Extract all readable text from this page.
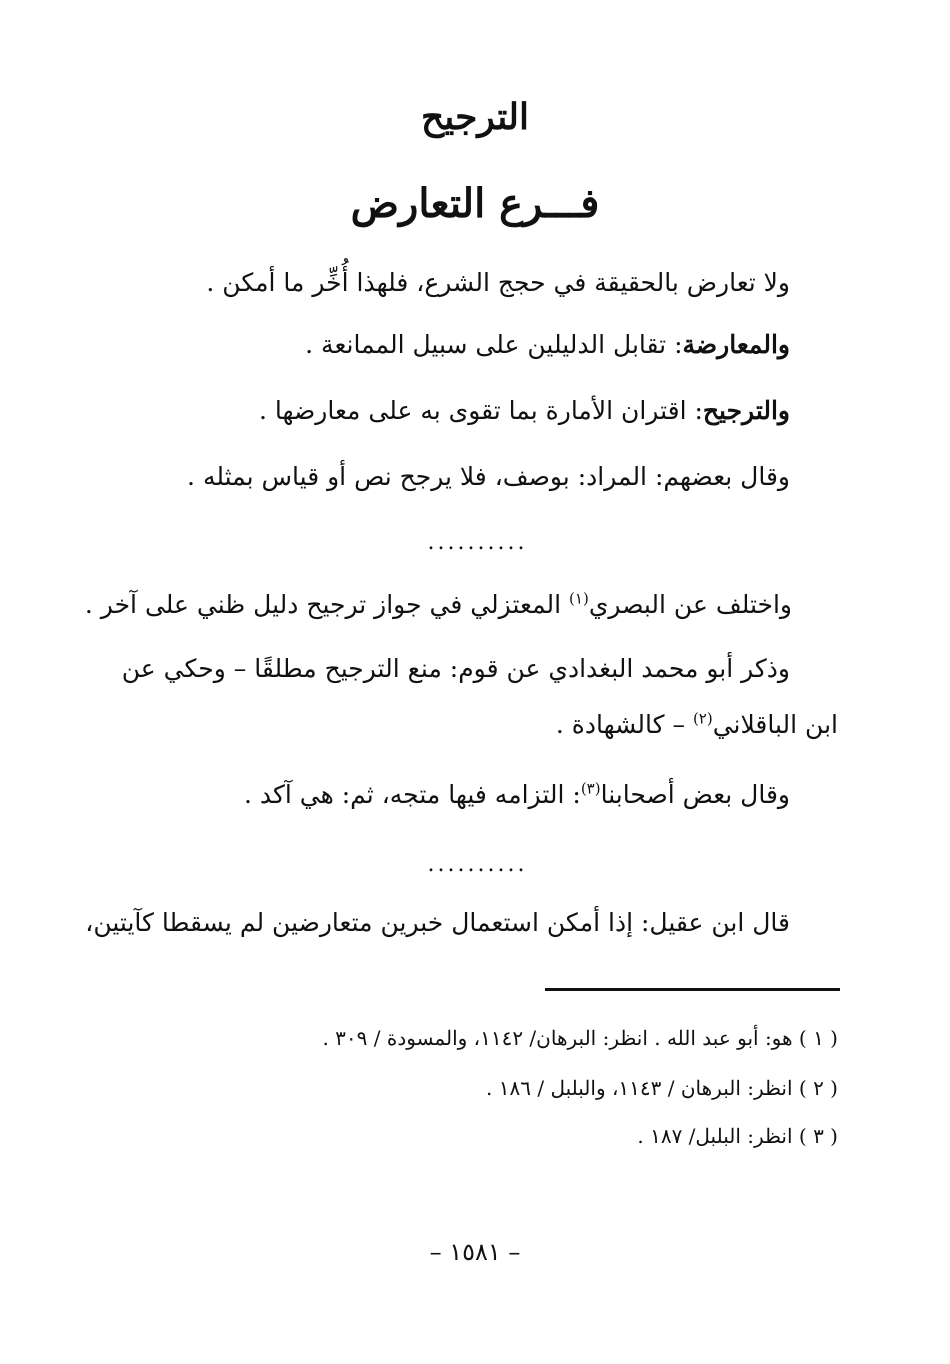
الترجيح
فـــرع التعارض

ولا تعارض بالحقيقة في حجج الشرع، فلهذا أُخِّر ما أمكن .

والمعارضة: تقابل الدليلين على سبيل الممانعة .

والترجيح: اقتران الأمارة بما تقوى به على معارضها .

وقال بعضهم: المراد: بوصف، فلا يرجح نص أو قياس بمثله .

..........

واختلف عن البصري$^{(١)}$ المعتزلي في جواز ترجيح دليل ظني على آخر .

وذكر أبو محمد البغدادي عن قوم: منع الترجيح مطلقًا – وحكي عن

ابن الباقلاني$^{(٢)}$ – كالشهادة .

وقال بعض أصحابنا$^{(٣)}$: التزامه فيها متجه، ثم: هي آكد .

..........

قال ابن عقيل: إذا أمكن استعمال خبرين متعارضين لم يسقطا كآيتين،

( ١ ) هو: أبو عبد الله . انظر: البرهان/ ١١٤٢، والمسودة / ٣٠٩ .

( ٢ ) انظر: البرهان / ١١٤٣، والبلبل / ١٨٦ .

( ٣ ) انظر: البلبل/ ١٨٧ .

– ١٥٨١ –
